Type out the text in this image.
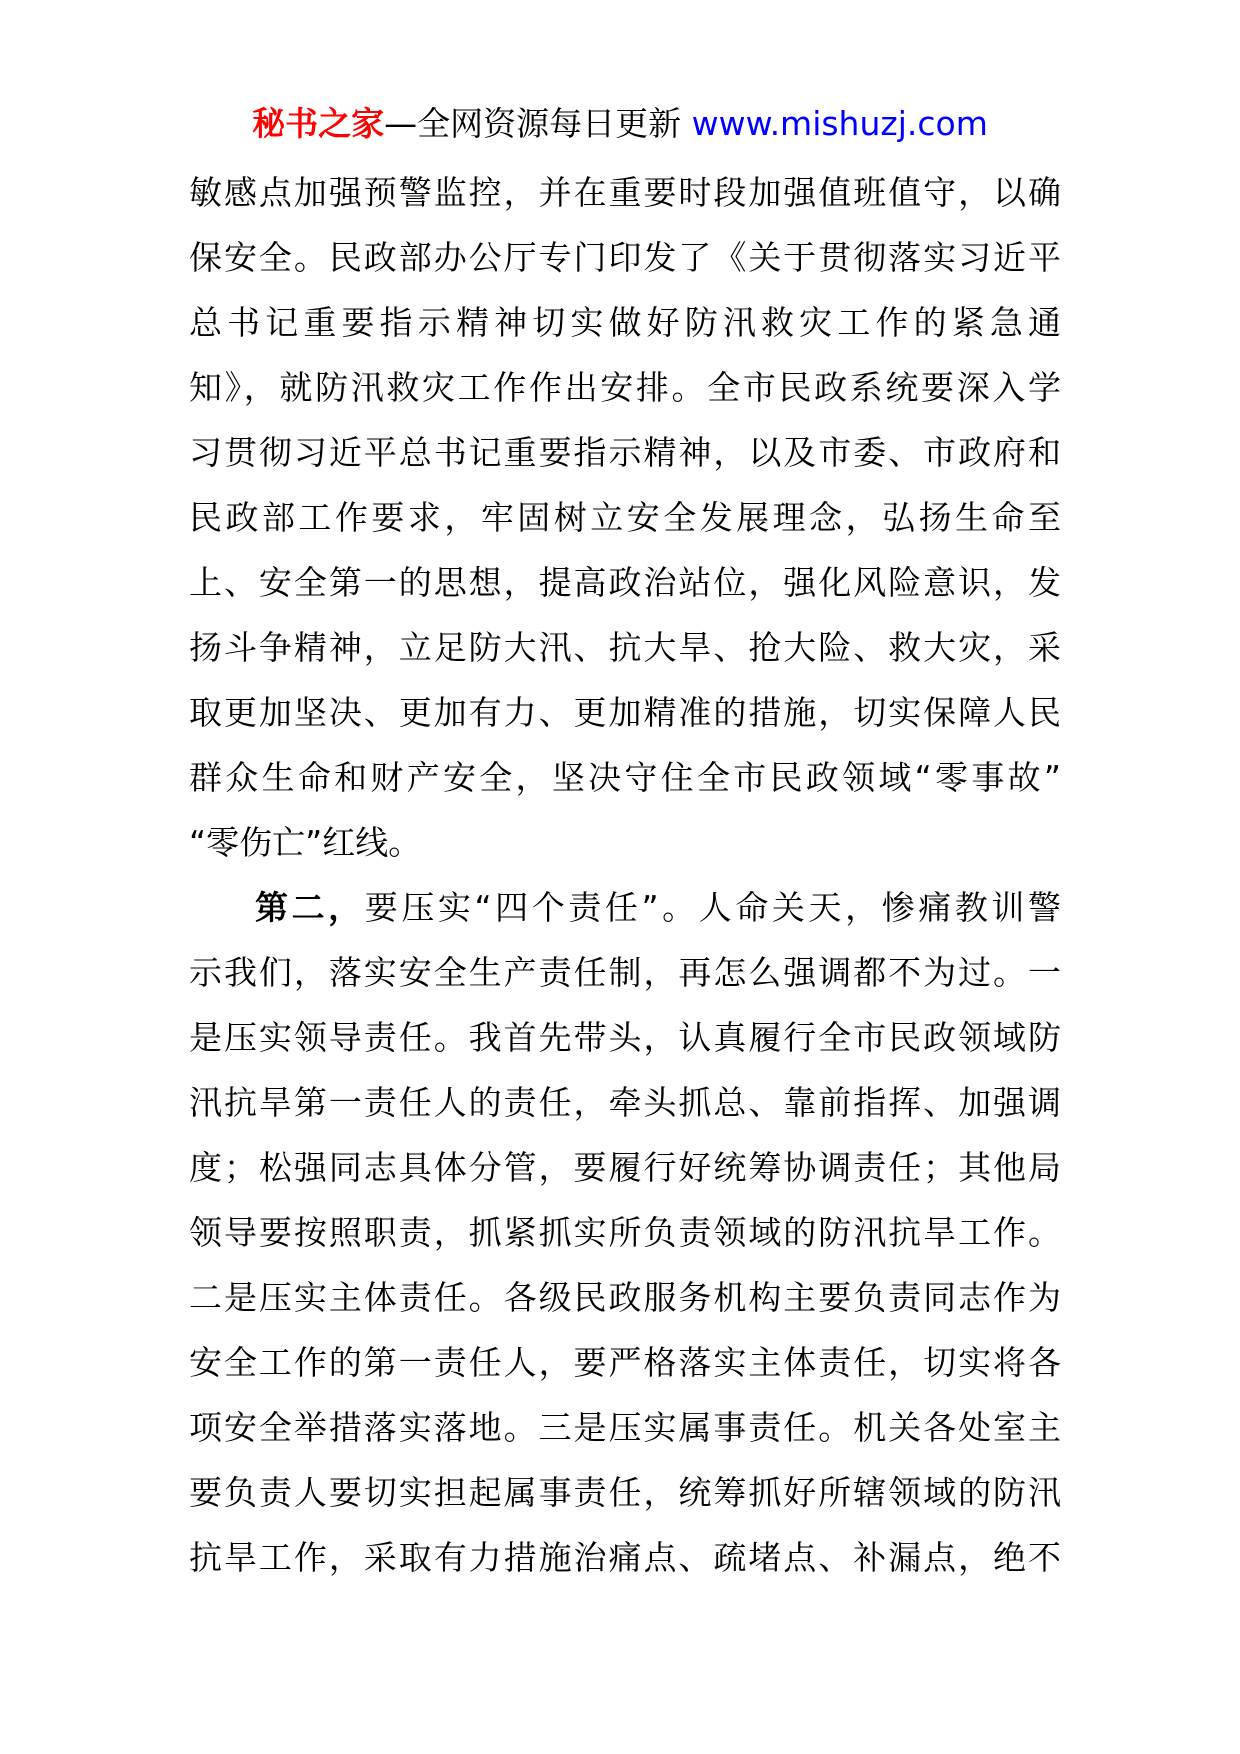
秘书之家—全网资源每日更新 www.mishuzj.com
敏感点加强预警监控，并在重要时段加强值班值守，以确
保安全。民政部办公厅专门印发了《关于贯彻落实习近平
总书记重要指示精神切实做好防汛救灾工作的紧急通
知》，就防汛救灾工作作出安排。全市民政系统要深入学
习贯彻习近平总书记重要指示精神，以及市委、市政府和
民政部工作要求，牢固树立安全发展理念，弘扬生命至
上、安全第一的思想，提高政治站位，强化风险意识，发
扬斗争精神，立足防大汛、抗大旱、抢大险、救大灾，采
取更加坚决、更加有力、更加精准的措施，切实保障人民
群众生命和财产安全，坚决守住全市民政领域“零事故”
“零伤亡”红线。
第二，要压实“四个责任”。人命关天，惨痛教训警
示我们，落实安全生产责任制，再怎么强调都不为过。一
是压实领导责任。我首先带头，认真履行全市民政领域防
汛抗旱第一责任人的责任，牵头抓总、靠前指挥、加强调
度；松强同志具体分管，要履行好统筹协调责任；其他局
领导要按照职责，抓紧抓实所负责领域的防汛抗旱工作。
二是压实主体责任。各级民政服务机构主要负责同志作为
安全工作的第一责任人，要严格落实主体责任，切实将各
项安全举措落实落地。三是压实属事责任。机关各处室主
要负责人要切实担起属事责任，统筹抓好所辖领域的防汛
抗旱工作，采取有力措施治痛点、疏堵点、补漏点，绝不
